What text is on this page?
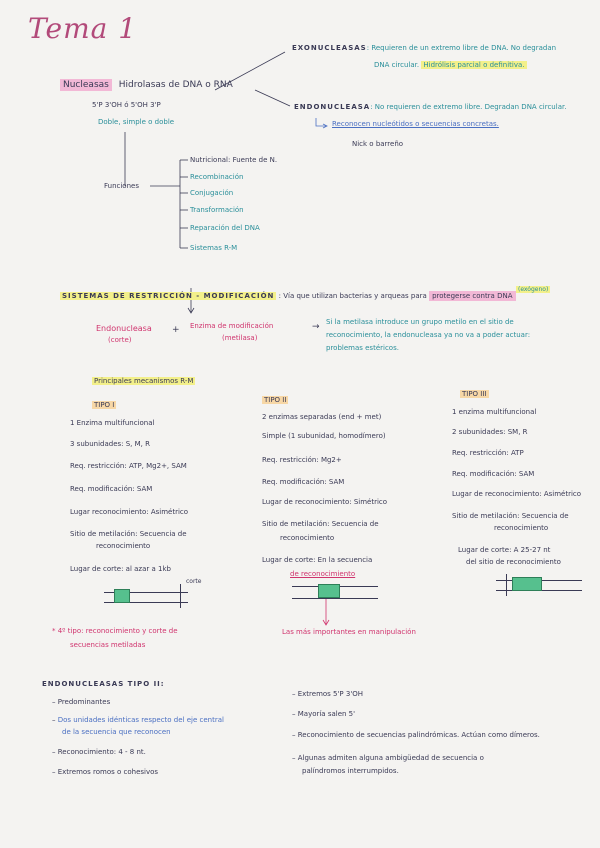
Tema 1
Nucleasas Hidrolasas de DNA o RNA
5'P 3'OH ó 5'OH 3'P
Doble, simple o doble
EXONUCLEASAS: Requieren de un extremo libre de DNA. No degradan
DNA circular. Hidrólisis parcial o definitiva.
ENDONUCLEASA: No requieren de extremo libre. Degradan DNA circular.
Reconocen nucleótidos o secuencias concretas.
Nick o barreño
Funciones
Nutricional: Fuente de N.
Recombinación
Conjugación
Transformación
Reparación del DNA
Sistemas R-M
SISTEMAS DE RESTRICCIÓN - MODIFICACIÓN : Vía que utilizan bacterias y arqueas para protegerse contra DNA
(exógeno)
Endonucleasa
(corte)
+ Enzima de modificación
(metilasa)
→ Si la metilasa introduce un grupo metilo en el sitio de
reconocimiento, la endonucleasa ya no va a poder actuar:
problemas estéricos.
Principales mecanismos R-M
TIPO I
1 Enzima multifuncional
3 subunidades: S, M, R
Req. restricción: ATP, Mg2+, SAM
Req. modificación: SAM
Lugar reconocimiento: Asimétrico
Sitio de metilación: Secuencia de
reconocimiento
Lugar de corte: al azar a 1kb
corte
* 4º tipo: reconocimiento y corte de
secuencias metiladas
TIPO II
2 enzimas separadas (end + met)
Simple (1 subunidad, homodímero)
Req. restricción: Mg2+
Req. modificación: SAM
Lugar de reconocimiento: Simétrico
Sitio de metilación: Secuencia de
reconocimiento
Lugar de corte: En la secuencia
de reconocimiento
Las más importantes en manipulación
TIPO III
1 enzima multifuncional
2 subunidades: SM, R
Req. restricción: ATP
Req. modificación: SAM
Lugar de reconocimiento: Asimétrico
Sitio de metilación: Secuencia de
reconocimiento
Lugar de corte: A 25-27 nt
del sitio de reconocimiento
ENDONUCLEASAS TIPO II:
– Predominantes
– Dos unidades idénticas respecto del eje central
de la secuencia que reconocen
– Reconocimiento: 4 - 8 nt.
– Extremos romos o cohesivos
– Extremos 5'P 3'OH
– Mayoría salen 5'
– Reconocimiento de secuencias palindrómicas. Actúan como dímeros.
– Algunas admiten alguna ambigüedad de secuencia o
palíndromos interrumpidos.
